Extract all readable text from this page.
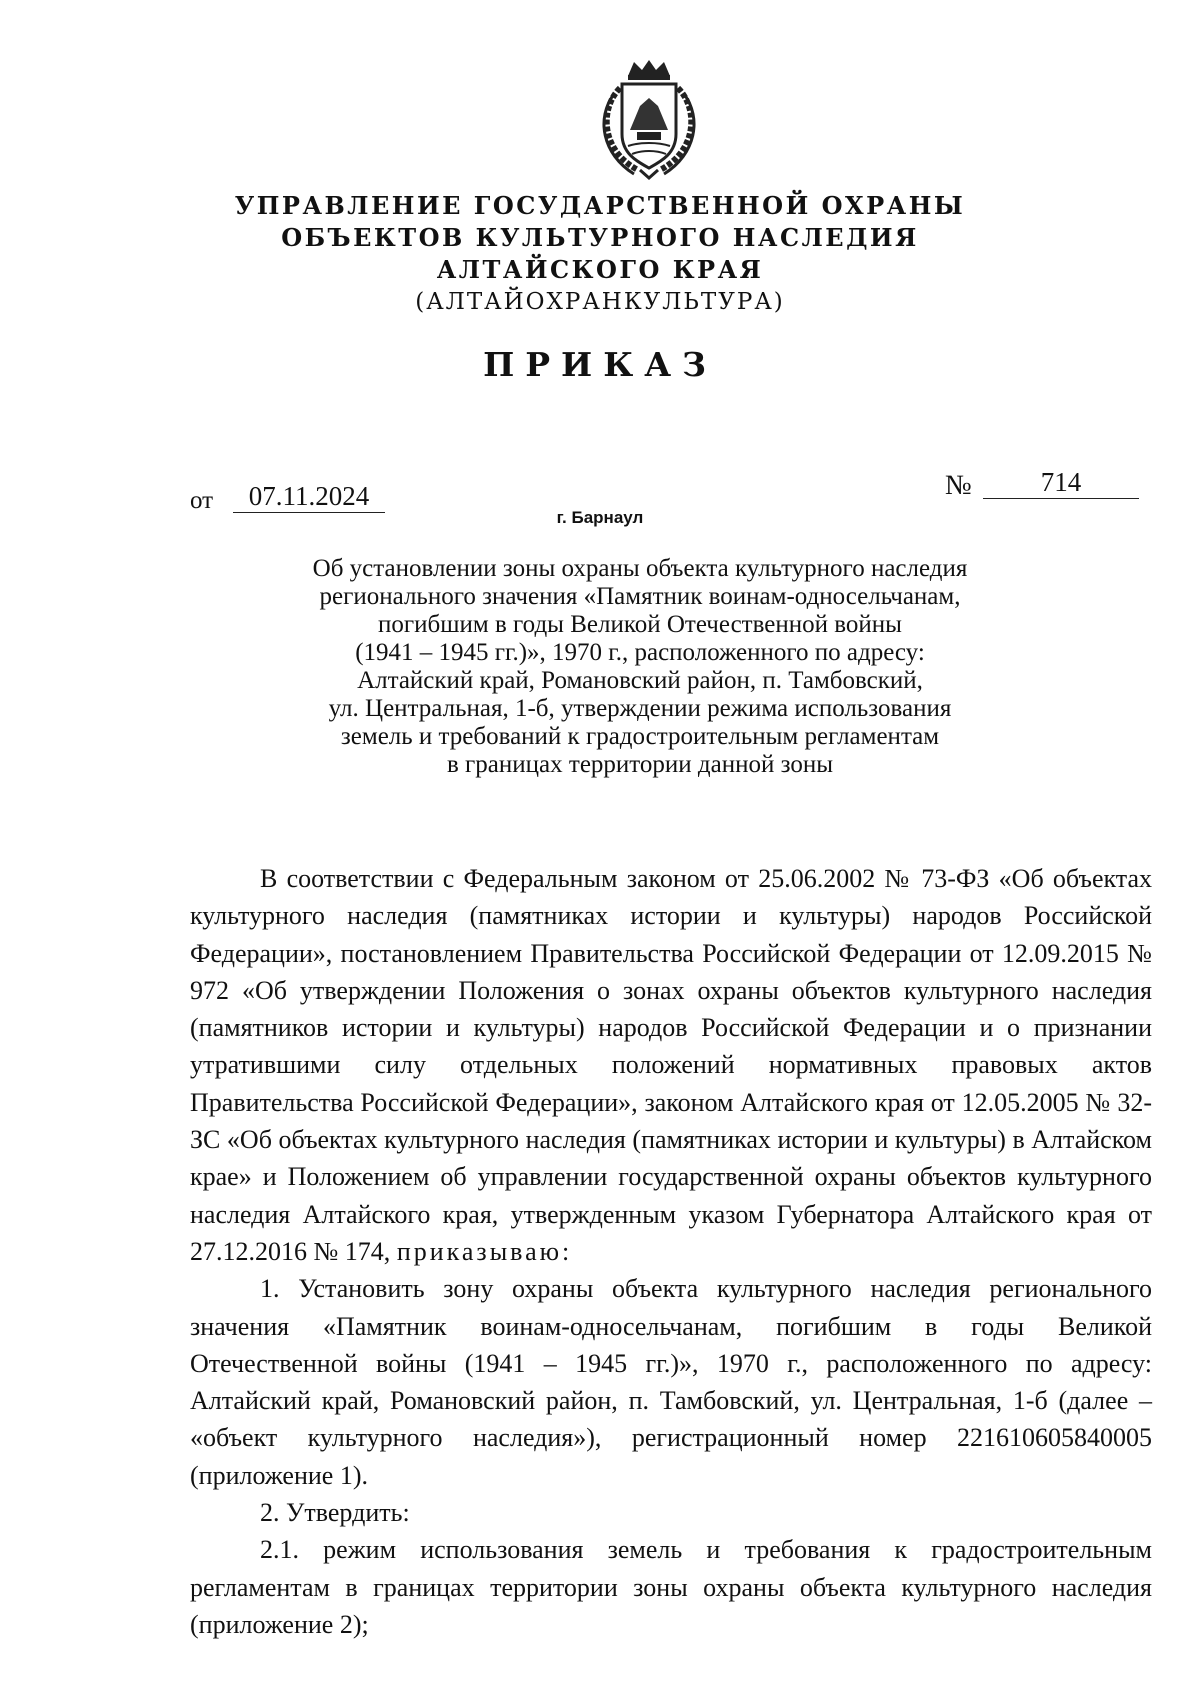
УПРАВЛЕНИЕ ГОСУДАРСТВЕННОЙ ОХРАНЫ

ОБЪЕКТОВ КУЛЬТУРНОГО НАСЛЕДИЯ

АЛТАЙСКОГО КРАЯ

(АЛТАЙОХРАНКУЛЬТУРА)
ПРИКАЗ
от	07.11.2024	№	714
г. Барнаул
Об установлении зоны охраны объекта культурного наследия
регионального значения «Памятник воинам-односельчанам,
погибшим в годы Великой Отечественной войны
(1941 – 1945 гг.)», 1970 г., расположенного по адресу:
Алтайский край, Романовский район, п. Тамбовский,
ул. Центральная, 1-б, утверждении режима использования
земель и требований к градостроительным регламентам
в границах территории данной зоны

В соответствии с Федеральным законом от 25.06.2002 № 73-ФЗ «Об объектах культурного наследия (памятниках истории и культуры) народов Российской Федерации», постановлением Правительства Российской Федерации от 12.09.2015 № 972 «Об утверждении Положения о зонах охраны объектов культурного наследия (памятников истории и культуры) народов Российской Федерации и о признании утратившими силу отдельных положений нормативных правовых актов Правительства Российской Федерации», законом Алтайского края от 12.05.2005 № 32-ЗС «Об объектах культурного наследия (памятниках истории и культуры) в Алтайском крае» и Положением об управлении государственной охраны объектов культурного наследия Алтайского края, утвержденным указом Губернатора Алтайского края от 27.12.2016 № 174, приказываю:

1. Установить зону охраны объекта культурного наследия регионального значения «Памятник воинам-односельчанам, погибшим в годы Великой Отечественной войны (1941 – 1945 гг.)», 1970 г., расположенного по адресу: Алтайский край, Романовский район, п. Тамбовский, ул. Центральная, 1-б (далее – «объект культурного наследия»), регистрационный номер 221610605840005 (приложение 1).

2. Утвердить:

2.1. режим использования земель и требования к градостроительным регламентам в границах территории зоны охраны объекта культурного наследия (приложение 2);
